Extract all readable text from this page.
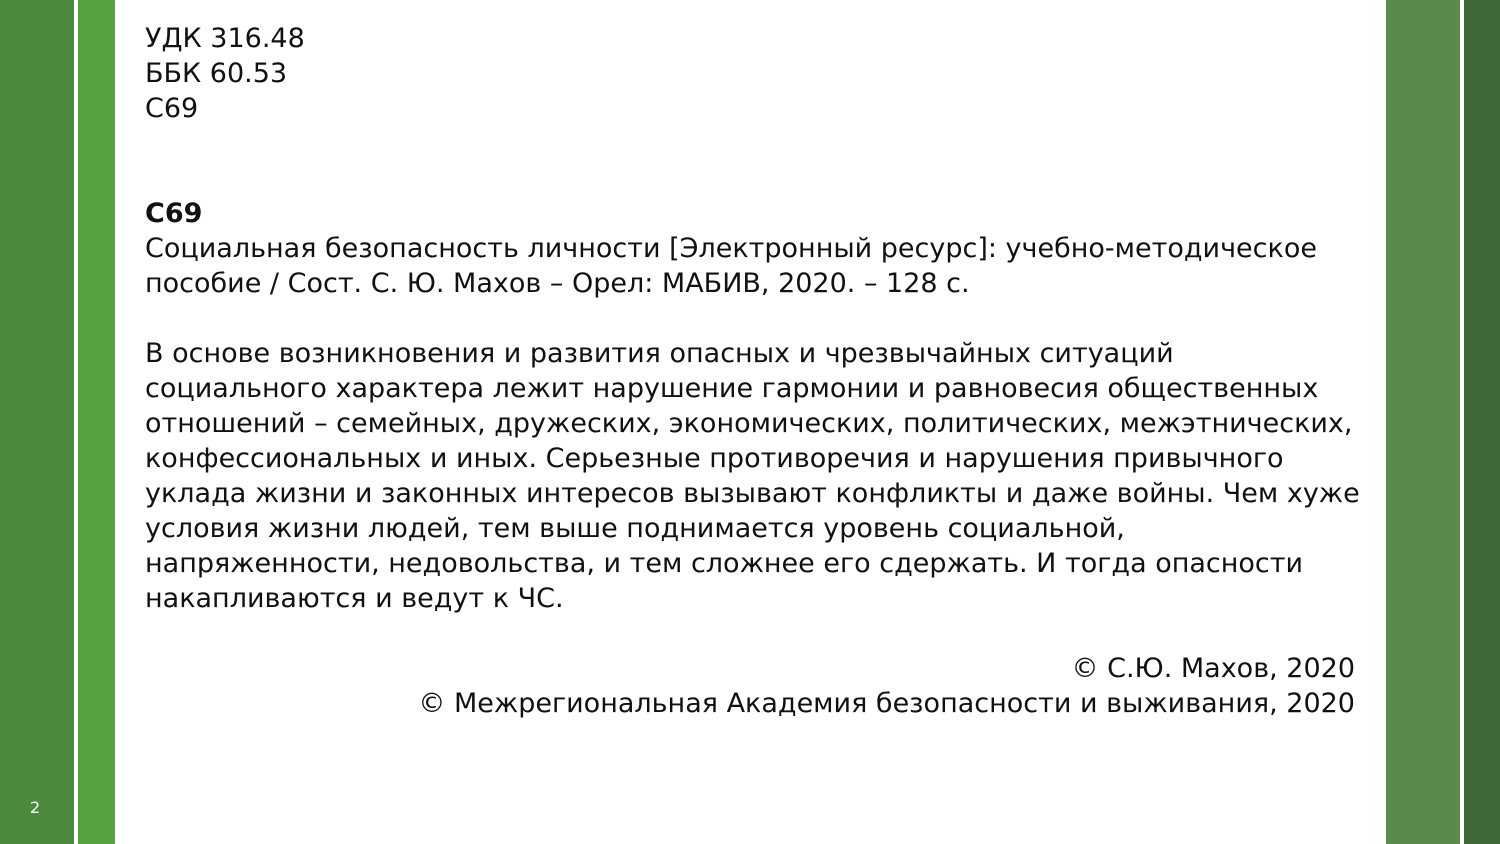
2
УДК 316.48
ББК 60.53
С69
С69
Социальная безопасность личности [Электронный ресурс]: учебно-методическое пособие / Сост. С. Ю. Махов – Орел: МАБИВ, 2020. – 128 с.
В основе возникновения и развития опасных и чрезвычайных ситуаций социального характера лежит нарушение гармонии и равновесия общественных отношений – семейных, дружеских, экономических, политических, межэтнических, конфессиональных и иных. Серьезные противоречия и нарушения привычного уклада жизни и законных интересов вызывают конфликты и даже войны. Чем хуже условия жизни людей, тем выше поднимается уровень социальной, напряженности, недовольства, и тем сложнее его сдержать. И тогда опасности накапливаются и ведут к ЧС.
© С.Ю. Махов, 2020
© Межрегиональная Академия безопасности и выживания, 2020
